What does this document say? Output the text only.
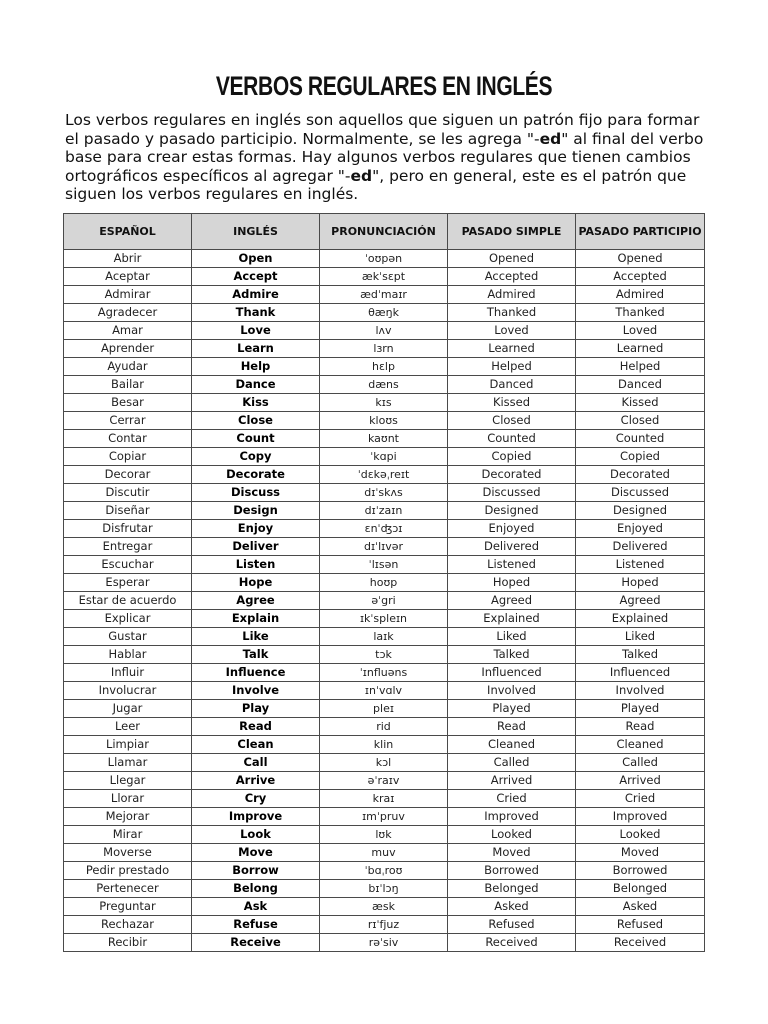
VERBOS REGULARES EN INGLÉS
Los verbos regulares en inglés son aquellos que siguen un patrón fijo para formar el pasado y pasado participio. Normalmente, se les agrega "-ed" al final del verbo base para crear estas formas. Hay algunos verbos regulares que tienen cambios ortográficos específicos al agregar "-ed", pero en general, este es el patrón que siguen los verbos regulares en inglés.
ESPAÑOL	INGLÉS	PRONUNCIACIÓN	PASADO SIMPLE	PASADO PARTICIPIO
Abrir	Open	ˈoʊpən	Opened	Opened
Aceptar	Accept	ækˈsɛpt	Accepted	Accepted
Admirar	Admire	ædˈmaɪr	Admired	Admired
Agradecer	Thank	θæŋk	Thanked	Thanked
Amar	Love	lʌv	Loved	Loved
Aprender	Learn	lɜrn	Learned	Learned
Ayudar	Help	hɛlp	Helped	Helped
Bailar	Dance	dæns	Danced	Danced
Besar	Kiss	kɪs	Kissed	Kissed
Cerrar	Close	kloʊs	Closed	Closed
Contar	Count	kaʊnt	Counted	Counted
Copiar	Copy	ˈkɑpi	Copied	Copied
Decorar	Decorate	ˈdɛkəˌreɪt	Decorated	Decorated
Discutir	Discuss	dɪˈskʌs	Discussed	Discussed
Diseñar	Design	dɪˈzaɪn	Designed	Designed
Disfrutar	Enjoy	ɛnˈʤɔɪ	Enjoyed	Enjoyed
Entregar	Deliver	dɪˈlɪvər	Delivered	Delivered
Escuchar	Listen	ˈlɪsən	Listened	Listened
Esperar	Hope	hoʊp	Hoped	Hoped
Estar de acuerdo	Agree	əˈgri	Agreed	Agreed
Explicar	Explain	ɪkˈspleɪn	Explained	Explained
Gustar	Like	laɪk	Liked	Liked
Hablar	Talk	tɔk	Talked	Talked
Influir	Influence	ˈɪnfluəns	Influenced	Influenced
Involucrar	Involve	ɪnˈvɑlv	Involved	Involved
Jugar	Play	pleɪ	Played	Played
Leer	Read	rid	Read	Read
Limpiar	Clean	klin	Cleaned	Cleaned
Llamar	Call	kɔl	Called	Called
Llegar	Arrive	əˈraɪv	Arrived	Arrived
Llorar	Cry	kraɪ	Cried	Cried
Mejorar	Improve	ɪmˈpruv	Improved	Improved
Mirar	Look	lʊk	Looked	Looked
Moverse	Move	muv	Moved	Moved
Pedir prestado	Borrow	ˈbɑˌroʊ	Borrowed	Borrowed
Pertenecer	Belong	bɪˈlɔŋ	Belonged	Belonged
Preguntar	Ask	æsk	Asked	Asked
Rechazar	Refuse	rɪˈfjuz	Refused	Refused
Recibir	Receive	rəˈsiv	Received	Received
